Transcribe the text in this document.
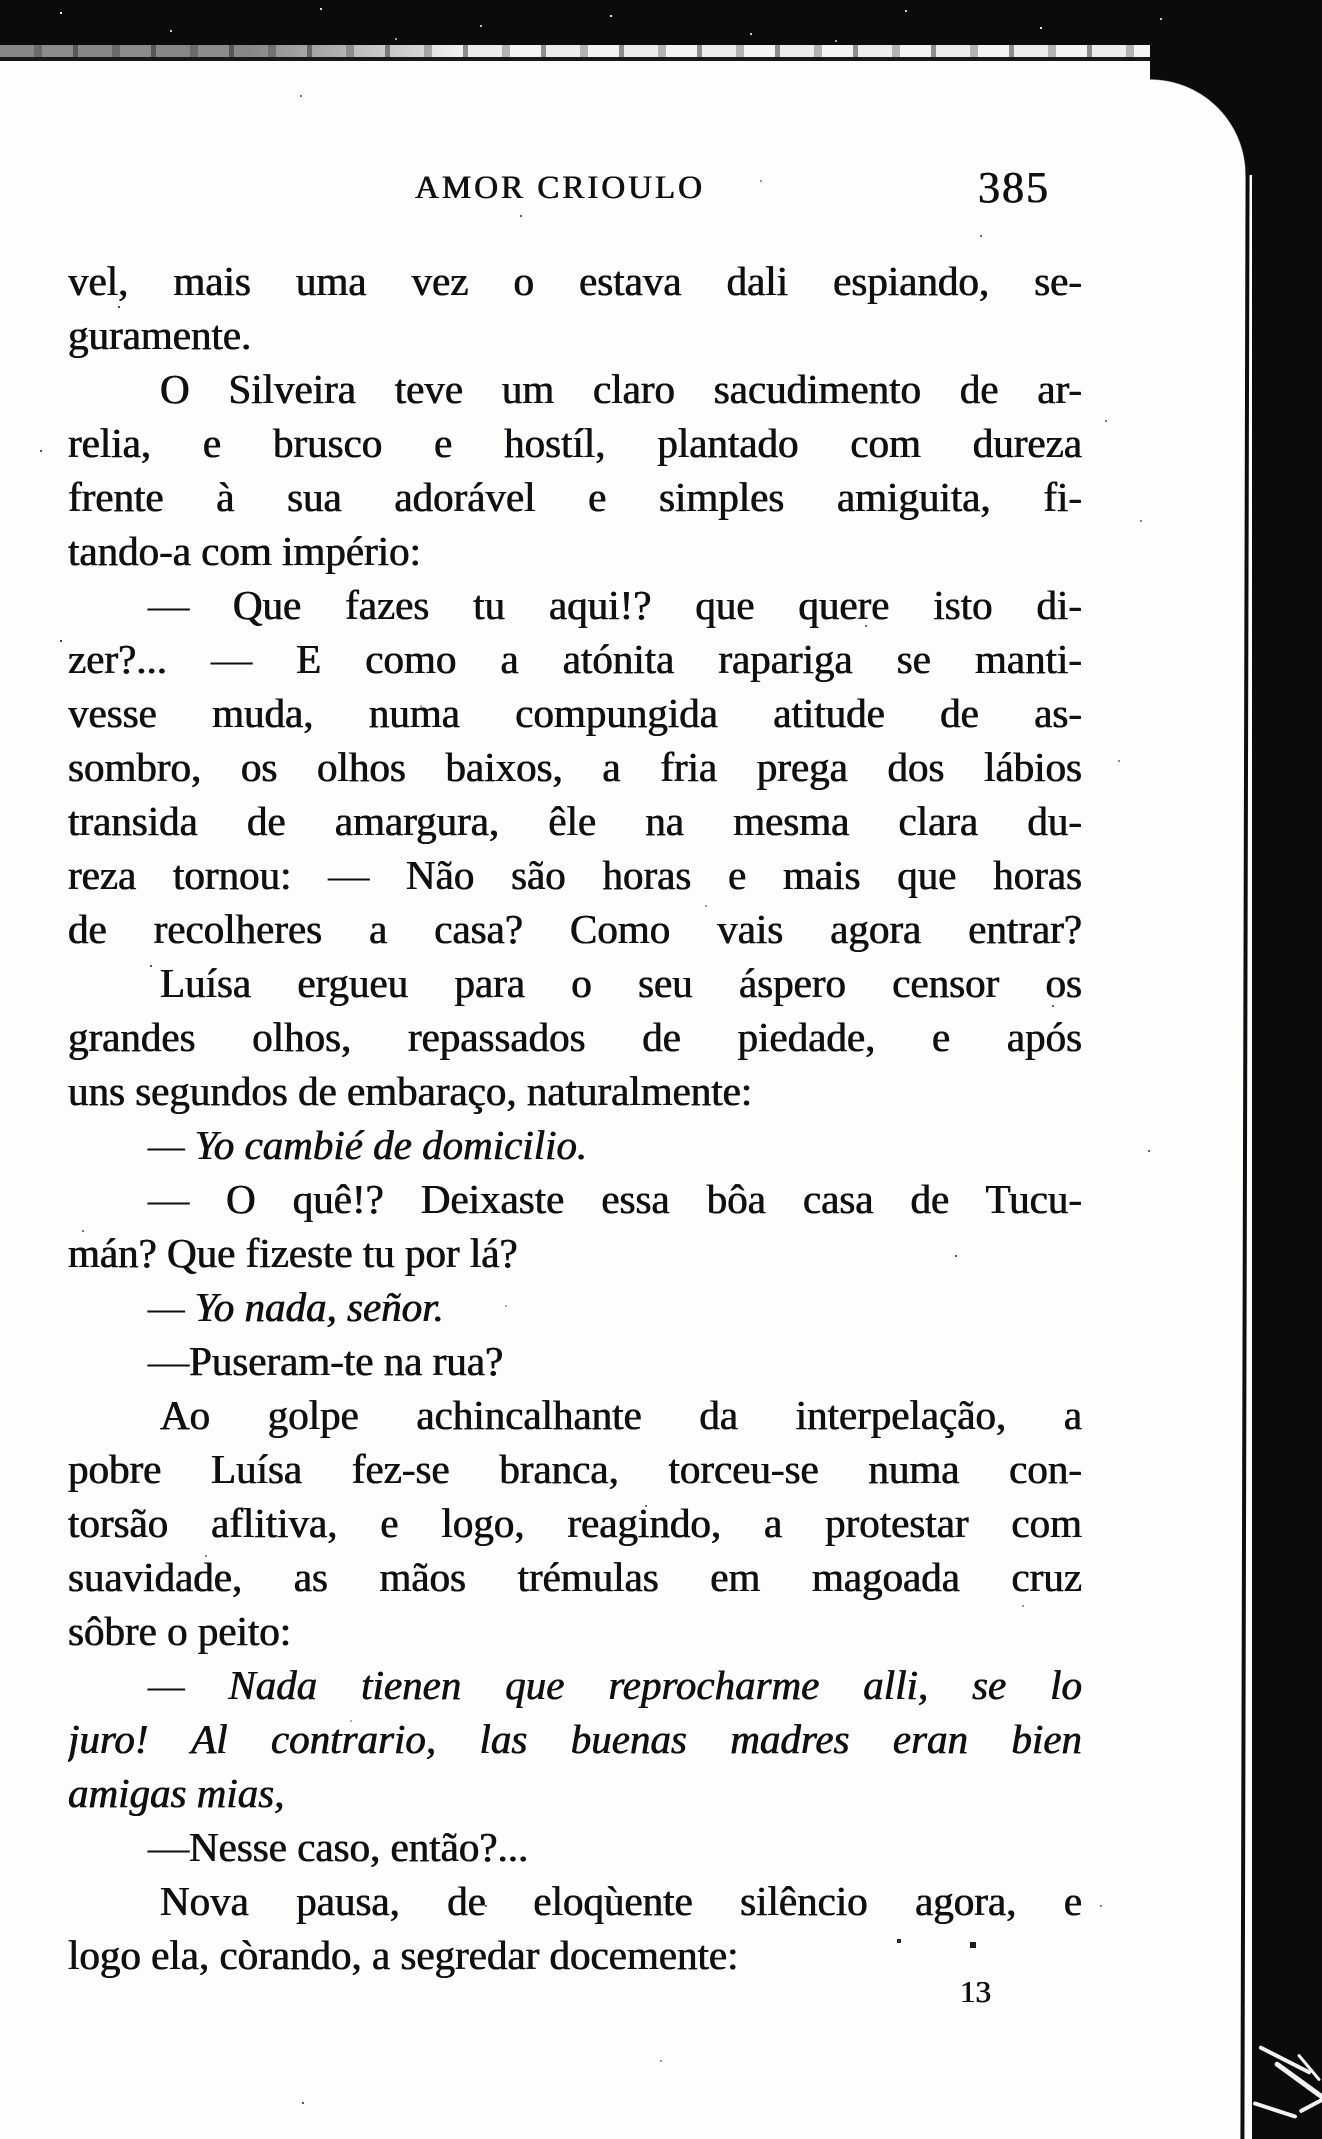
AMOR CRIOULO	385
vel, mais uma vez o estava dali espiando, se-
guramente.
O Silveira teve um claro sacudimento de ar-
relia, e brusco e hostíl, plantado com dureza
frente à sua adorável e simples amiguita, fi-
tando-a com império:
— Que fazes tu aqui!? que quere isto di-
zer?... — E como a atónita rapariga se manti-
vesse muda, numa compungida atitude de as-
sombro, os olhos baixos, a fria prega dos lábios
transida de amargura, êle na mesma clara du-
reza tornou: — Não são horas e mais que horas
de recolheres a casa? Como vais agora entrar?
Luísa ergueu para o seu áspero censor os
grandes olhos, repassados de piedade, e após
uns segundos de embaraço, naturalmente:
— Yo cambié de domicilio.
— O quê!? Deixaste essa bôa casa de Tucu-
mán? Que fizeste tu por lá?
— Yo nada, señor.
—Puseram-te na rua?
Ao golpe achincalhante da interpelação, a
pobre Luísa fez-se branca, torceu-se numa con-
torsão aflitiva, e logo, reagindo, a protestar com
suavidade, as mãos trémulas em magoada cruz
sôbre o peito:
— Nada tienen que reprocharme alli, se lo
juro! Al contrario, las buenas madres eran bien
amigas mias,
—Nesse caso, então?...
Nova pausa, de eloqùente silêncio agora, e
logo ela, còrando, a segredar docemente:
13
